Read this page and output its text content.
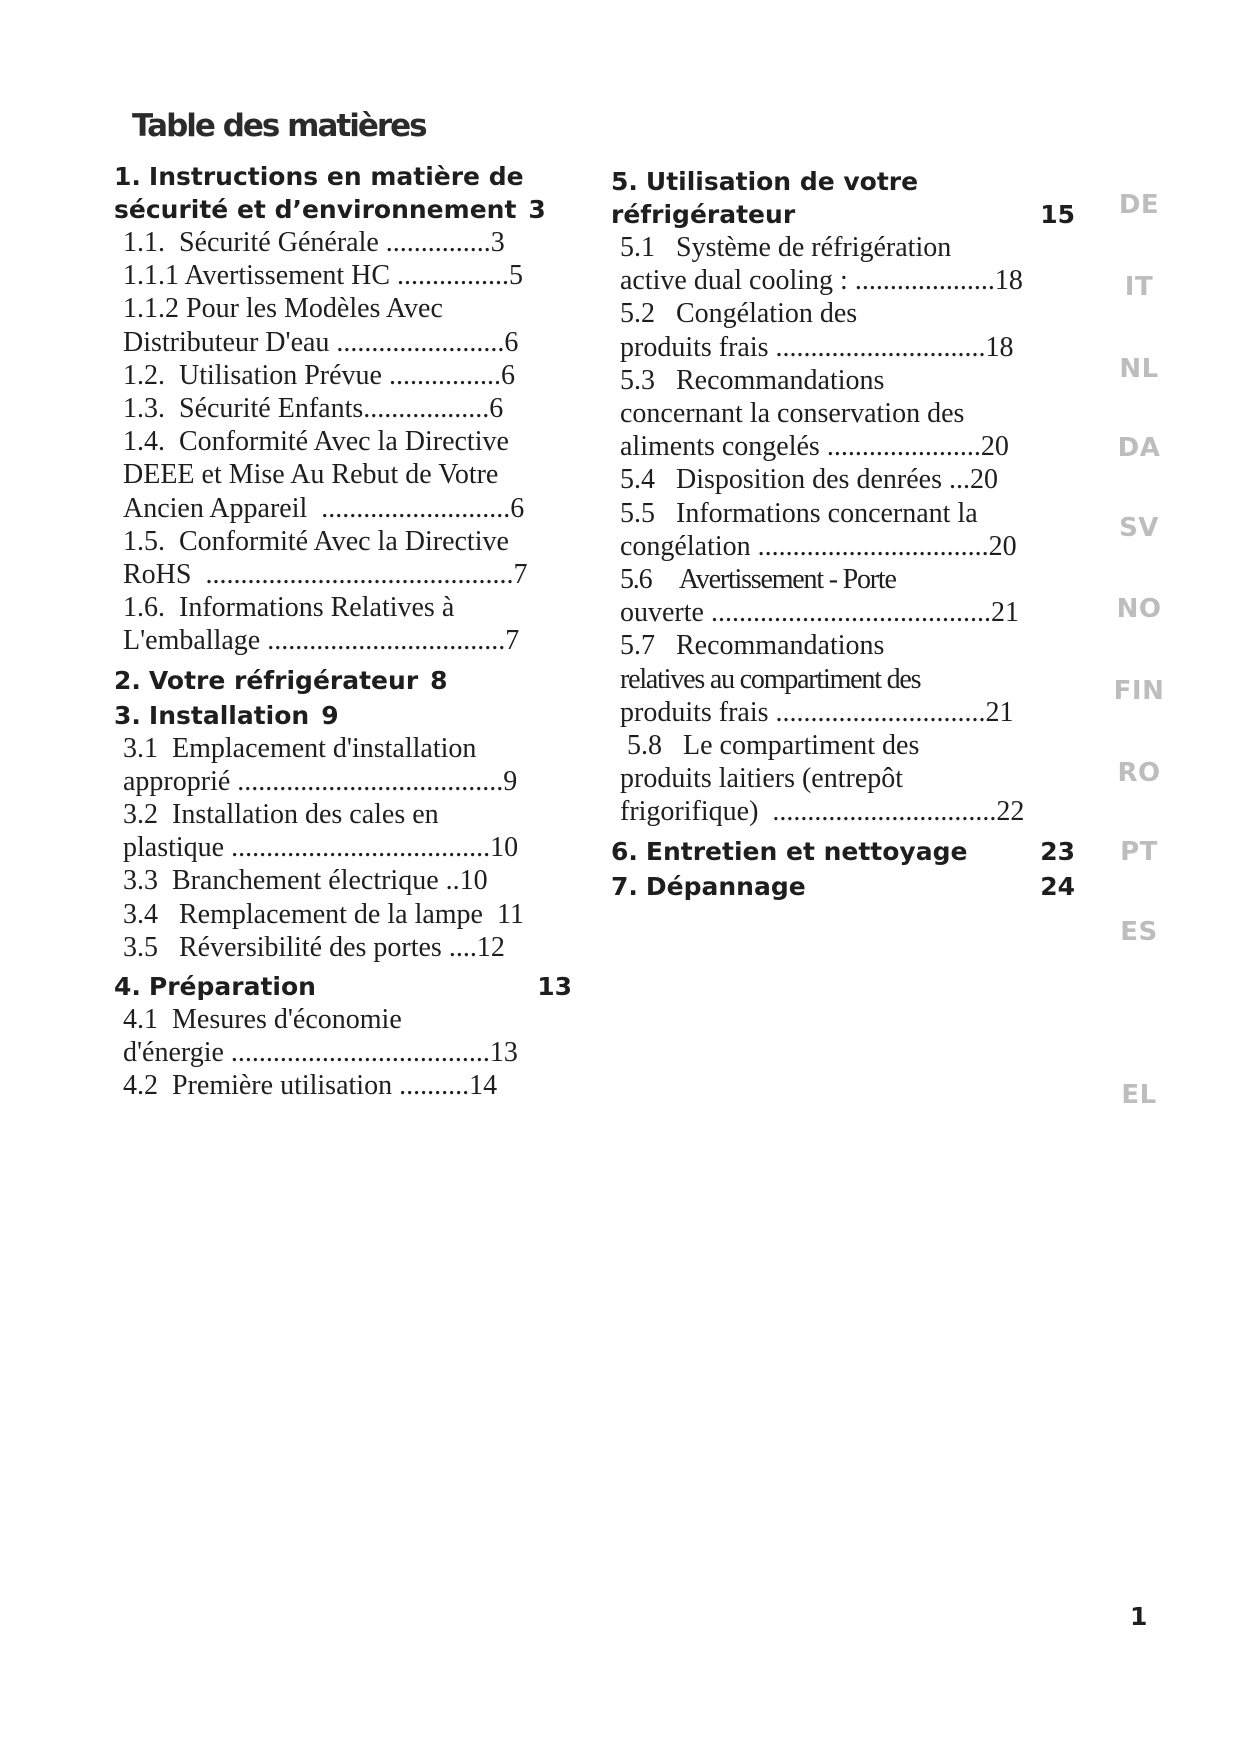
Table des matières
1. Instructions en matière de
sécurité et d’environnement 3
1.1.  Sécurité Générale ...............3
1.1.1 Avertissement HC ................5
1.1.2 Pour les Modèles Avec
Distributeur D'eau ........................6
1.2.  Utilisation Prévue ................6
1.3.  Sécurité Enfants..................6
1.4.  Conformité Avec la Directive
DEEE et Mise Au Rebut de Votre
Ancien Appareil  ...........................6
1.5.  Conformité Avec la Directive
RoHS  ............................................7
1.6.  Informations Relatives à
L'emballage ..................................7
2. Votre réfrigérateur 8
3. Installation 9
3.1  Emplacement d'installation
approprié ......................................9
3.2  Installation des cales en
plastique .....................................10
3.3  Branchement électrique ..10
3.4   Remplacement de la lampe  11
3.5   Réversibilité des portes ....12
4. Préparation	13
4.1  Mesures d'économie
d'énergie .....................................13
4.2  Première utilisation ..........14
5. Utilisation de votre
réfrigérateur	15
5.1   Système de réfrigération
active dual cooling : ....................18
5.2   Congélation des
produits frais ..............................18
5.3   Recommandations
concernant la conservation des
aliments congelés ......................20
5.4   Disposition des denrées ...20
5.5   Informations concernant la
congélation .................................20
5.6     Avertissement - Porte
ouverte ........................................21
5.7   Recommandations
relatives au compartiment des
produits frais ..............................21
5.8   Le compartiment des
produits laitiers (entrepôt
frigorifique)  ................................22
6. Entretien et nettoyage	23
7. Dépannage	24
DE
IT
NL
DA
SV
NO
FIN
RO
PT
ES
EL
1
